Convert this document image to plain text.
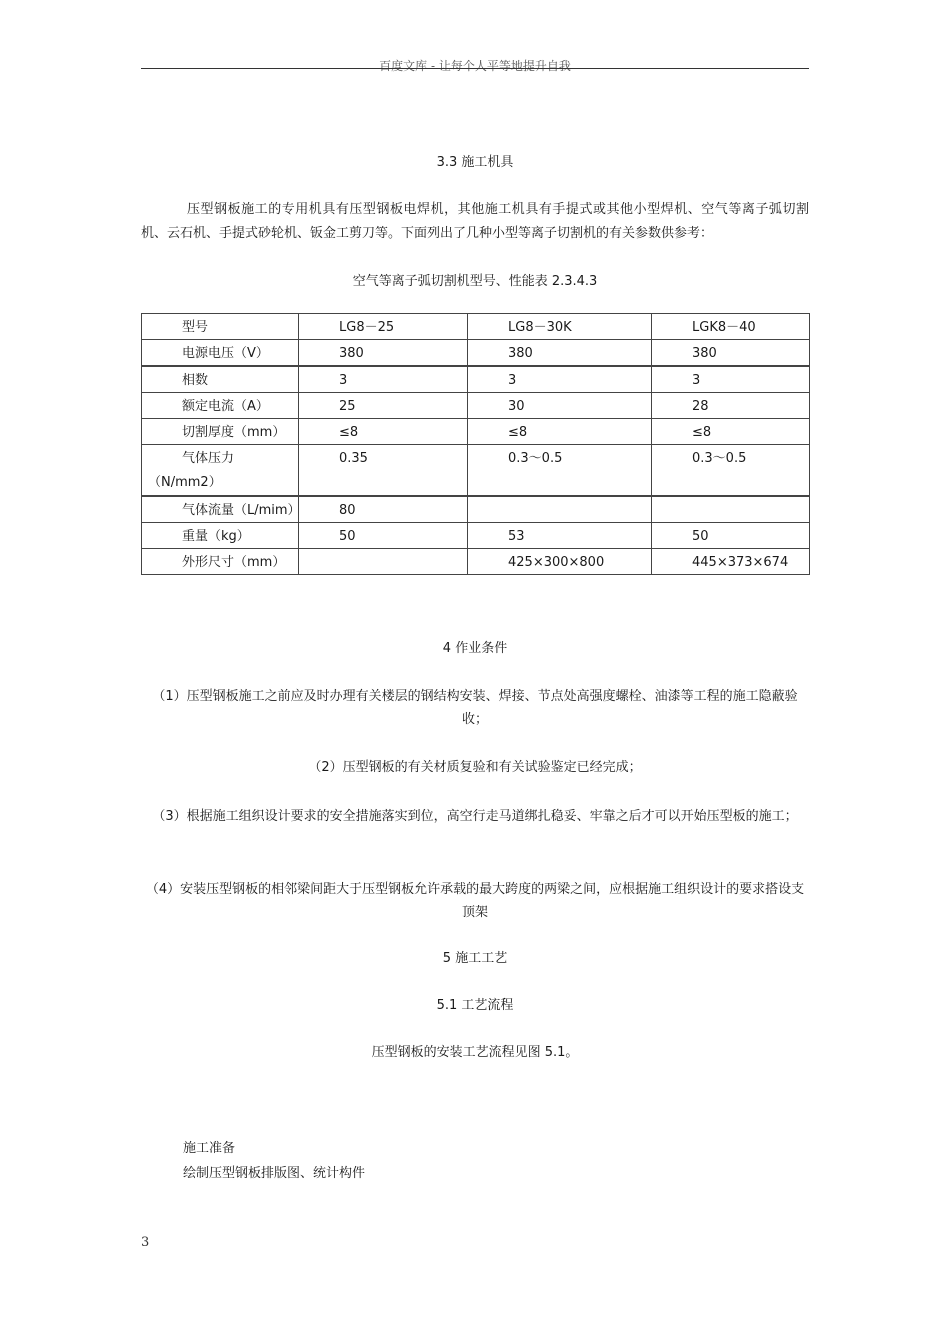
百度文库 - 让每个人平等地提升自我
3.3 施工机具
压型钢板施工的专用机具有压型钢板电焊机，其他施工机具有手提式或其他小型焊机、空气等离子弧切割机、云石机、手提式砂轮机、钣金工剪刀等。下面列出了几种小型等离子切割机的有关参数供参考：
空气等离子弧切割机型号、性能表 2.3.4.3
型号	LG8－25	LG8－30K	LGK8－40

电源电压（V）	380	380	380

相数	3	3	3

额定电流（A）	25	30	28

切割厚度（mm）	≤8	≤8	≤8

气体压力
（N/mm2）	0.35	0.3～0.5	0.3～0.5

气体流量（L/mim）	80		

重量（kg）	50	53	50

外形尺寸（mm）		425×300×800	445×373×674
4 作业条件
（1）压型钢板施工之前应及时办理有关楼层的钢结构安装、焊接、节点处高强度螺栓、油漆等工程的施工隐蔽验收；
（2）压型钢板的有关材质复验和有关试验鉴定已经完成；
（3）根据施工组织设计要求的安全措施落实到位，高空行走马道绑扎稳妥、牢靠之后才可以开始压型板的施工；
（4）安装压型钢板的相邻梁间距大于压型钢板允许承载的最大跨度的两梁之间，应根据施工组织设计的要求搭设支顶架
5 施工工艺
5.1 工艺流程
压型钢板的安装工艺流程见图 5.1。
施工准备
绘制压型钢板排版图、统计构件
3
